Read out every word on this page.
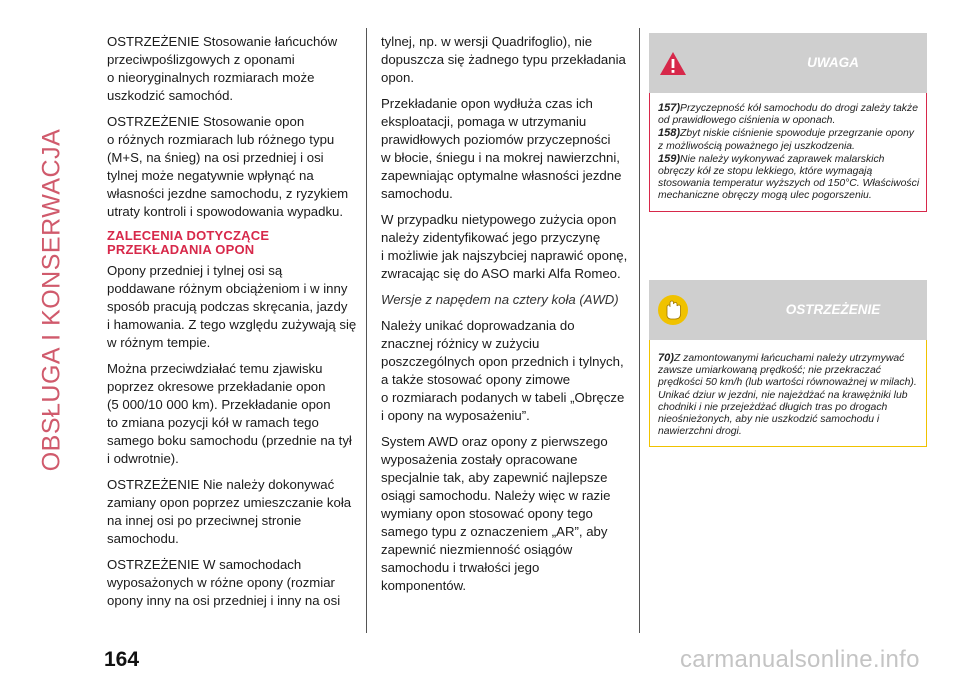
OBSŁUGA I KONSERWACJA

OSTRZEŻENIE Stosowanie łańcuchów
przeciwpoślizgowych z oponami
o nieoryginalnych rozmiarach może
uszkodzić samochód.

OSTRZEŻENIE Stosowanie opon
o różnych rozmiarach lub różnego typu
(M+S, na śnieg) na osi przedniej i osi
tylnej może negatywnie wpłynąć na
własności jezdne samochodu, z ryzykiem
utraty kontroli i spowodowania wypadku.

ZALECENIA DOTYCZĄCE
PRZEKŁADANIA OPON

Opony przedniej i tylnej osi są
poddawane różnym obciążeniom i w inny
sposób pracują podczas skręcania, jazdy
i hamowania. Z tego względu zużywają się
w różnym tempie.

Można przeciwdziałać temu zjawisku
poprzez okresowe przekładanie opon
(5 000/10 000 km). Przekładanie opon
to zmiana pozycji kół w ramach tego
samego boku samochodu (przednie na tył
i odwrotnie).

OSTRZEŻENIE Nie należy dokonywać
zamiany opon poprzez umieszczanie koła
na innej osi po przeciwnej stronie
samochodu.

OSTRZEŻENIE W samochodach
wyposażonych w różne opony (rozmiar
opony inny na osi przedniej i inny na osi

tylnej, np. w wersji Quadrifoglio), nie
dopuszcza się żadnego typu przekładania
opon.

Przekładanie opon wydłuża czas ich
eksploatacji, pomaga w utrzymaniu
prawidłowych poziomów przyczepności
w błocie, śniegu i na mokrej nawierzchni,
zapewniając optymalne własności jezdne
samochodu.

W przypadku nietypowego zużycia opon
należy zidentyfikować jego przyczynę
i możliwie jak najszybciej naprawić oponę,
zwracając się do ASO marki Alfa Romeo.

Wersje z napędem na cztery koła (AWD)

Należy unikać doprowadzania do
znacznej różnicy w zużyciu
poszczególnych opon przednich i tylnych,
a także stosować opony zimowe
o rozmiarach podanych w tabeli „Obręcze
i opony na wyposażeniu”.

System AWD oraz opony z pierwszego
wyposażenia zostały opracowane
specjalnie tak, aby zapewnić najlepsze
osiągi samochodu. Należy więc w razie
wymiany opon stosować opony tego
samego typu z oznaczeniem „AR”, aby
zapewnić niezmienność osiągów
samochodu i trwałości jego
komponentów.

UWAGA

157)Przyczepność kół samochodu do drogi zależy także od prawidłowego ciśnienia w oponach.

158)Zbyt niskie ciśnienie spowoduje przegrzanie opony z możliwością poważnego jej uszkodzenia.

159)Nie należy wykonywać zaprawek malarskich obręczy kół ze stopu lekkiego, które wymagają stosowania temperatur wyższych od 150°C. Właściwości mechaniczne obręczy mogą ulec pogorszeniu.

OSTRZEŻENIE

70)Z zamontowanymi łańcuchami należy utrzymywać zawsze umiarkowaną prędkość; nie przekraczać prędkości 50 km/h (lub wartości równoważnej w milach). Unikać dziur w jezdni, nie najeżdżać na krawężniki lub chodniki i nie przejeżdżać długich tras po drogach nieośnieżonych, aby nie uszkodzić samochodu i nawierzchni drogi.

164	carmanualsonline.info
